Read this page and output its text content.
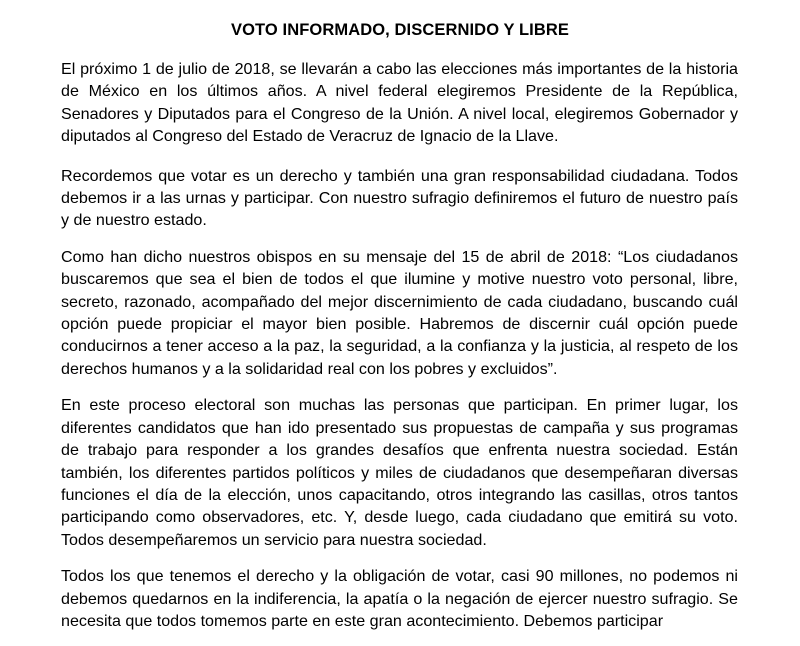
VOTO INFORMADO, DISCERNIDO Y LIBRE

El próximo 1 de julio de 2018, se llevarán a cabo las elecciones más importantes de la historia de México en los últimos años. A nivel federal elegiremos Presidente de la República, Senadores y Diputados para el Congreso de la Unión. A nivel local, elegiremos Gobernador y diputados al Congreso del Estado de Veracruz de Ignacio de la Llave.

Recordemos que votar es un derecho y también una gran responsabilidad ciudadana. Todos debemos ir a las urnas y participar. Con nuestro sufragio definiremos el futuro de nuestro país y de nuestro estado.

Como han dicho nuestros obispos en su mensaje del 15 de abril de 2018: “Los ciudadanos buscaremos que sea el bien de todos el que ilumine y motive nuestro voto personal, libre, secreto, razonado, acompañado del mejor discernimiento de cada ciudadano, buscando cuál opción puede propiciar el mayor bien posible. Habremos de discernir cuál opción puede conducirnos a tener acceso a la paz, la seguridad, a la confianza y la justicia, al respeto de los derechos humanos y a la solidaridad real con los pobres y excluidos”.

En este proceso electoral son muchas las personas que participan. En primer lugar, los diferentes candidatos que han ido presentado sus propuestas de campaña y sus programas de trabajo para responder a los grandes desafíos que enfrenta nuestra sociedad. Están también, los diferentes partidos políticos y miles de ciudadanos que desempeñaran diversas funciones el día de la elección, unos capacitando, otros integrando las casillas, otros tantos participando como observadores, etc. Y, desde luego, cada ciudadano que emitirá su voto. Todos desempeñaremos un servicio para nuestra sociedad.

Todos los que tenemos el derecho y la obligación de votar, casi 90 millones, no podemos ni debemos quedarnos en la indiferencia, la apatía o la negación de ejercer nuestro sufragio. Se necesita que todos tomemos parte en este gran acontecimiento. Debemos participar
